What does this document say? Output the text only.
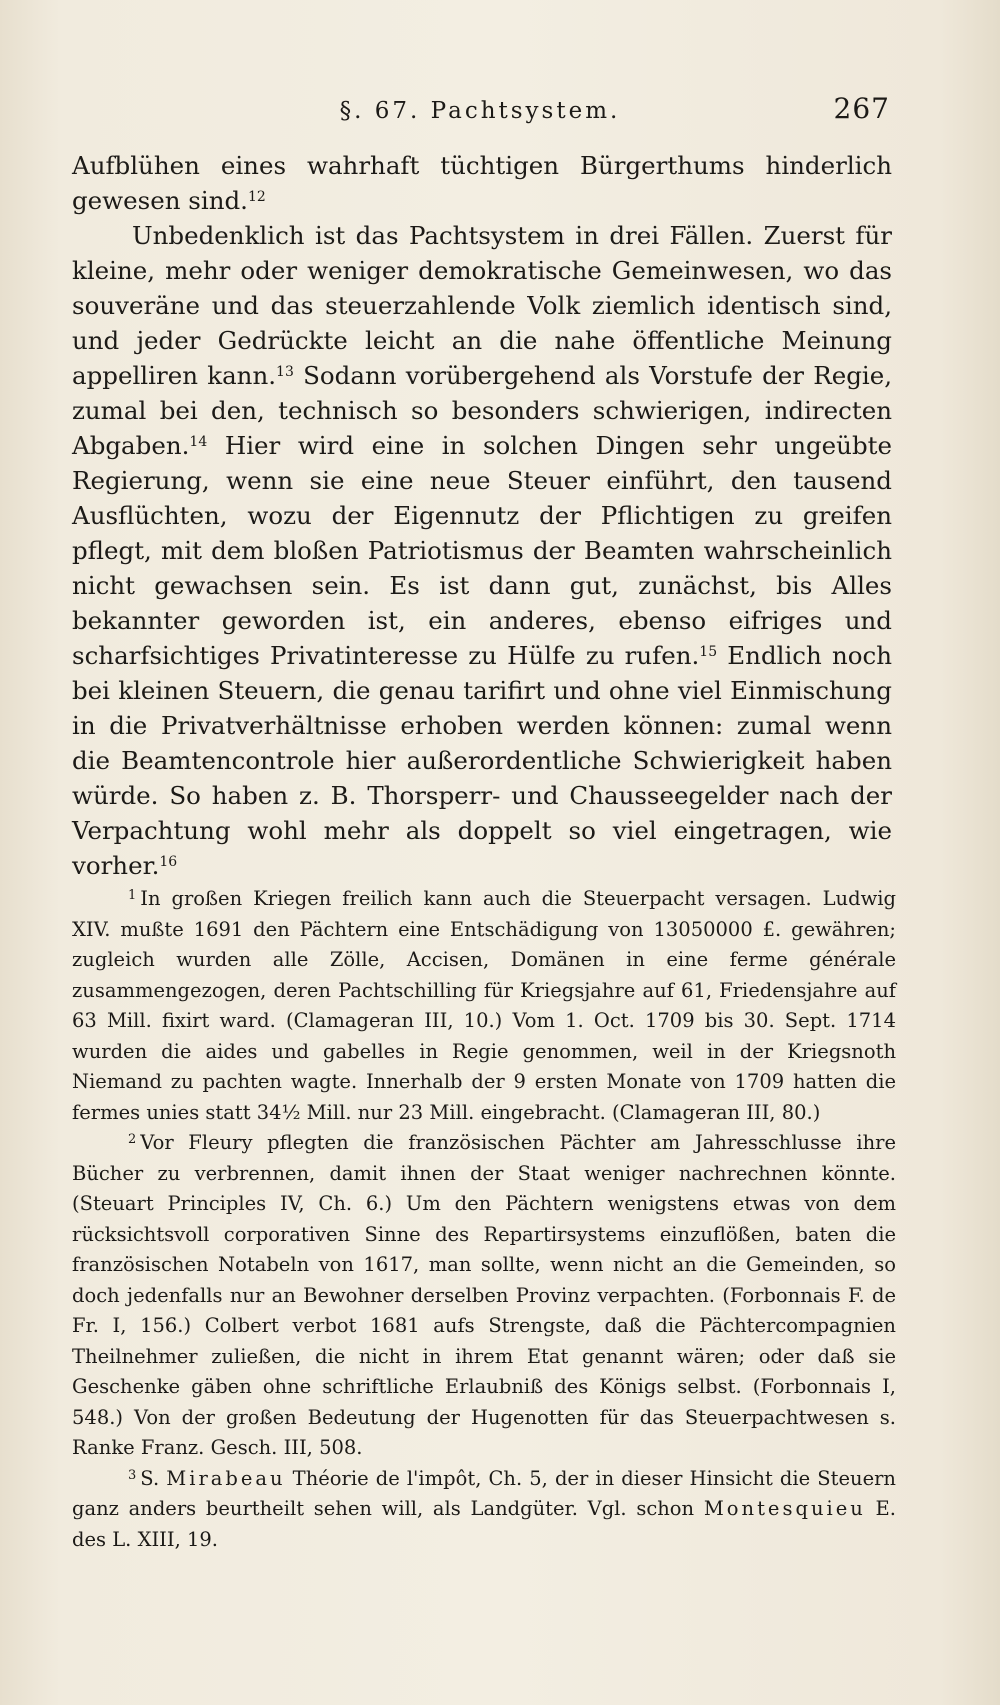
§. 67. Pachtsystem.	267

Aufblühen eines wahrhaft tüchtigen Bürgerthums hinderlich gewesen sind.$^{12}$

Unbedenklich ist das Pachtsystem in drei Fällen. Zuerst für kleine, mehr oder weniger demokratische Gemeinwesen, wo das souveräne und das steuerzahlende Volk ziemlich identisch sind, und jeder Gedrückte leicht an die nahe öffentliche Meinung appelliren kann.$^{13}$ Sodann vorübergehend als Vorstufe der Regie, zumal bei den, technisch so besonders schwierigen, indirecten Abgaben.$^{14}$ Hier wird eine in solchen Dingen sehr ungeübte Regierung, wenn sie eine neue Steuer einführt, den tausend Ausflüchten, wozu der Eigennutz der Pflichtigen zu greifen pflegt, mit dem bloßen Patriotismus der Beamten wahrscheinlich nicht gewachsen sein. Es ist dann gut, zunächst, bis Alles bekannter geworden ist, ein anderes, ebenso eifriges und scharfsichtiges Privatinteresse zu Hülfe zu rufen.$^{15}$ Endlich noch bei kleinen Steuern, die genau tarifirt und ohne viel Einmischung in die Privatverhältnisse erhoben werden können: zumal wenn die Beamtencontrole hier außerordentliche Schwierigkeit haben würde. So haben z. B. Thorsperr- und Chausseegelder nach der Verpachtung wohl mehr als doppelt so viel eingetragen, wie vorher.$^{16}$

$^1$ In großen Kriegen freilich kann auch die Steuerpacht versagen. Ludwig XIV. mußte 1691 den Pächtern eine Entschädigung von 13050000 £. gewähren; zugleich wurden alle Zölle, Accisen, Domänen in eine ferme générale zusammengezogen, deren Pachtschilling für Kriegsjahre auf 61, Friedensjahre auf 63 Mill. fixirt ward. (Clamageran III, 10.) Vom 1. Oct. 1709 bis 30. Sept. 1714 wurden die aides und gabelles in Regie genommen, weil in der Kriegsnoth Niemand zu pachten wagte. Innerhalb der 9 ersten Monate von 1709 hatten die fermes unies statt 34½ Mill. nur 23 Mill. eingebracht. (Clamageran III, 80.)

$^2$ Vor Fleury pflegten die französischen Pächter am Jahresschlusse ihre Bücher zu verbrennen, damit ihnen der Staat weniger nachrechnen könnte. (Steuart Principles IV, Ch. 6.) Um den Pächtern wenigstens etwas von dem rücksichtsvoll corporativen Sinne des Repartirsystems einzuflößen, baten die französischen Notabeln von 1617, man sollte, wenn nicht an die Gemeinden, so doch jedenfalls nur an Bewohner derselben Provinz verpachten. (Forbonnais F. de Fr. I, 156.) Colbert verbot 1681 aufs Strengste, daß die Pächtercompagnien Theilnehmer zuließen, die nicht in ihrem Etat genannt wären; oder daß sie Geschenke gäben ohne schriftliche Erlaubniß des Königs selbst. (Forbonnais I, 548.) Von der großen Bedeutung der Hugenotten für das Steuerpachtwesen s. Ranke Franz. Gesch. III, 508.

$^3$ S. Mirabeau Théorie de l'impôt, Ch. 5, der in dieser Hinsicht die Steuern ganz anders beurtheilt sehen will, als Landgüter. Vgl. schon Montesquieu E. des L. XIII, 19.
